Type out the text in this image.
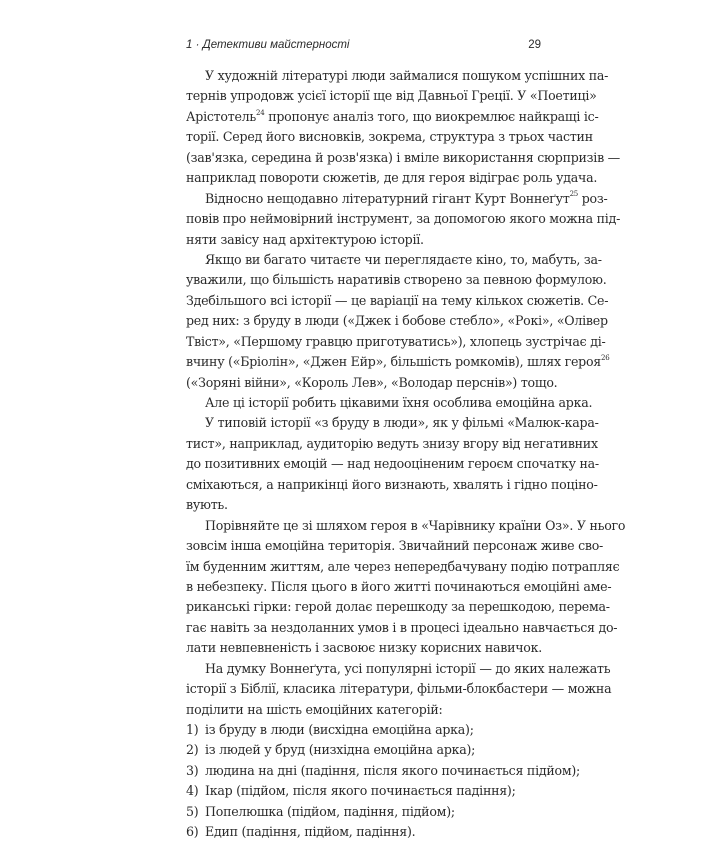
1 · Детективи майстерності	29
У художній літературі люди займалися пошуком успішних па-
тернів упродовж усієї історії ще від Давньої Греції. У «Поетиці»
Арістотель$^{24}$ пропонує аналіз того, що виокремлює найкращі іс-
торії. Серед його висновків, зокрема, структура з трьох частин
(зав'язка, середина й розв'язка) і вміле використання сюрпризів —
наприклад повороти сюжетів, де для героя відіграє роль удача.
Відносно нещодавно літературний гігант Курт Воннеґут$^{25}$ роз-
повів про неймовірний інструмент, за допомогою якого можна під-
няти завісу над архітектурою історії.
Якщо ви багато читаєте чи переглядаєте кіно, то, мабуть, за-
уважили, що більшість наративів створено за певною формулою.
Здебільшого всі історії — це варіації на тему кількох сюжетів. Се-
ред них: з бруду в люди («Джек і бобове стебло», «Рокі», «Олівер
Твіст», «Першому гравцю приготуватись»), хлопець зустрічає ді-
вчину («Бріолін», «Джен Ейр», більшість ромкомів), шлях героя$^{26}$
(«Зоряні війни», «Король Лев», «Володар перснів») тощо.
Але ці історії робить цікавими їхня особлива емоційна арка.
У типовій історії «з бруду в люди», як у фільмі «Малюк-кара-
тист», наприклад, аудиторію ведуть знизу вгору від негативних
до позитивних емоцій — над недооціненим героєм спочатку на-
сміхаються, а наприкінці його визнають, хвалять і гідно поціно-
вують.
Порівняйте це зі шляхом героя в «Чарівнику країни Оз». У нього
зовсім інша емоційна територія. Звичайний персонаж живе сво-
їм буденним життям, але через непередбачувану подію потрапляє
в небезпеку. Після цього в його житті починаються емоційні аме-
риканські гірки: герой долає перешкоду за перешкодою, перема-
гає навіть за нездоланних умов і в процесі ідеально навчається до-
лати невпевненість і засвоює низку корисних навичок.
На думку Воннеґута, усі популярні історії — до яких належать
історії з Біблії, класика літератури, фільми-блокбастери — можна
поділити на шість емоційних категорій:
1) із бруду в люди (висхідна емоційна арка);
2) із людей у бруд (низхідна емоційна арка);
3) людина на дні (падіння, після якого починається підйом);
4) Ікар (підйом, після якого починається падіння);
5) Попелюшка (підйом, падіння, підйом);
6) Едип (падіння, підйом, падіння).
